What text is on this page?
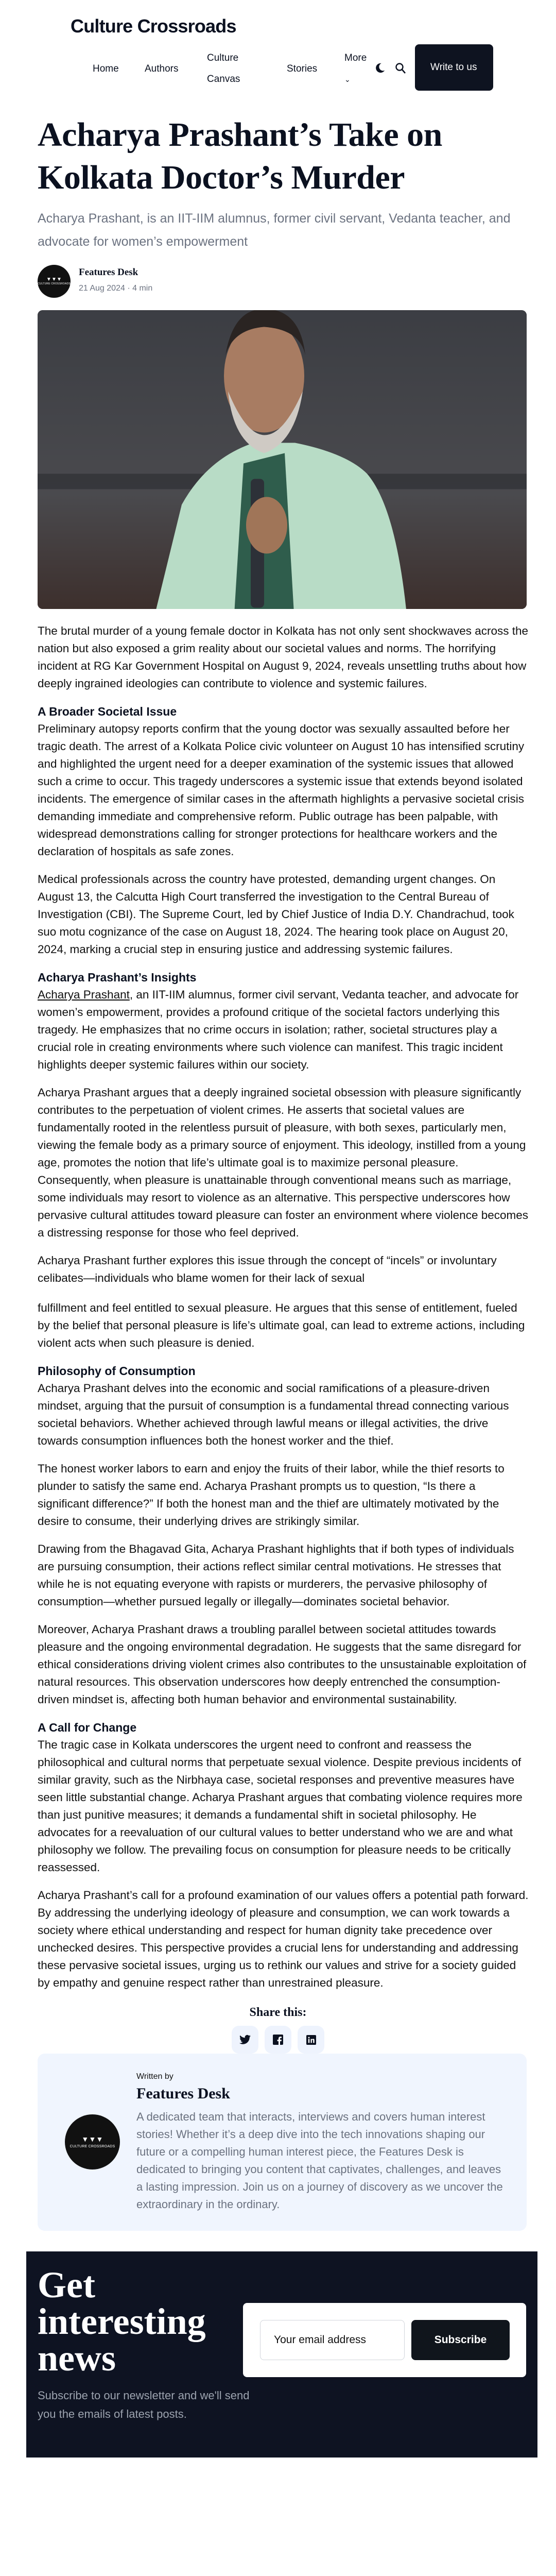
Culture Crossroads
Home	Authors
Culture
Canvas
Stories
More
⌄
Write to us
Acharya Prashant’s Take on Kolkata Doctor’s Murder

Acharya Prashant, is an IIT-IIM alumnus, former civil servant, Vedanta teacher, and advocate for women’s empowerment

▼▼▼
CULTURE CROSSROADS
Features Desk
21 Aug 2024 · 4 min

The brutal murder of a young female doctor in Kolkata has not only sent shockwaves across the nation but also exposed a grim reality about our societal values and norms. The horrifying incident at RG Kar Government Hospital on August 9, 2024, reveals unsettling truths about how deeply ingrained ideologies can contribute to violence and systemic failures.

A Broader Societal Issue

Preliminary autopsy reports confirm that the young doctor was sexually assaulted before her tragic death. The arrest of a Kolkata Police civic volunteer on August 10 has intensified scrutiny and highlighted the urgent need for a deeper examination of the systemic issues that allowed such a crime to occur. This tragedy underscores a systemic issue that extends beyond isolated incidents. The emergence of similar cases in the aftermath highlights a pervasive societal crisis demanding immediate and comprehensive reform. Public outrage has been palpable, with widespread demonstrations calling for stronger protections for healthcare workers and the declaration of hospitals as safe zones.

Medical professionals across the country have protested, demanding urgent changes. On August 13, the Calcutta High Court transferred the investigation to the Central Bureau of Investigation (CBI). The Supreme Court, led by Chief Justice of India D.Y. Chandrachud, took suo motu cognizance of the case on August 18, 2024. The hearing took place on August 20, 2024, marking a crucial step in ensuring justice and addressing systemic failures.

Acharya Prashant’s Insights

Acharya Prashant, an IIT-IIM alumnus, former civil servant, Vedanta teacher, and advocate for women’s empowerment, provides a profound critique of the societal factors underlying this tragedy. He emphasizes that no crime occurs in isolation; rather, societal structures play a crucial role in creating environments where such violence can manifest. This tragic incident highlights deeper systemic failures within our society.

Acharya Prashant argues that a deeply ingrained societal obsession with pleasure significantly contributes to the perpetuation of violent crimes. He asserts that societal values are fundamentally rooted in the relentless pursuit of pleasure, with both sexes, particularly men, viewing the female body as a primary source of enjoyment. This ideology, instilled from a young age, promotes the notion that life’s ultimate goal is to maximize personal pleasure. Consequently, when pleasure is unattainable through conventional means such as marriage, some individuals may resort to violence as an alternative. This perspective underscores how pervasive cultural attitudes toward pleasure can foster an environment where violence becomes a distressing response for those who feel deprived.

Acharya Prashant further explores this issue through the concept of “incels” or involuntary celibates—individuals who blame women for their lack of sexual

fulfillment and feel entitled to sexual pleasure. He argues that this sense of entitlement, fueled by the belief that personal pleasure is life’s ultimate goal, can lead to extreme actions, including violent acts when such pleasure is denied.

Philosophy of Consumption

Acharya Prashant delves into the economic and social ramifications of a pleasure-driven mindset, arguing that the pursuit of consumption is a fundamental thread connecting various societal behaviors. Whether achieved through lawful means or illegal activities, the drive towards consumption influences both the honest worker and the thief.

The honest worker labors to earn and enjoy the fruits of their labor, while the thief resorts to plunder to satisfy the same end. Acharya Prashant prompts us to question, “Is there a significant difference?” If both the honest man and the thief are ultimately motivated by the desire to consume, their underlying drives are strikingly similar.

Drawing from the Bhagavad Gita, Acharya Prashant highlights that if both types of individuals are pursuing consumption, their actions reflect similar central motivations. He stresses that while he is not equating everyone with rapists or murderers, the pervasive philosophy of consumption—whether pursued legally or illegally—dominates societal behavior.

Moreover, Acharya Prashant draws a troubling parallel between societal attitudes towards pleasure and the ongoing environmental degradation. He suggests that the same disregard for ethical considerations driving violent crimes also contributes to the unsustainable exploitation of natural resources. This observation underscores how deeply entrenched the consumption-driven mindset is, affecting both human behavior and environmental sustainability.

A Call for Change

The tragic case in Kolkata underscores the urgent need to confront and reassess the philosophical and cultural norms that perpetuate sexual violence. Despite previous incidents of similar gravity, such as the Nirbhaya case, societal responses and preventive measures have seen little substantial change. Acharya Prashant argues that combating violence requires more than just punitive measures; it demands a fundamental shift in societal philosophy. He advocates for a reevaluation of our cultural values to better understand who we are and what philosophy we follow. The prevailing focus on consumption for pleasure needs to be critically reassessed.

Acharya Prashant’s call for a profound examination of our values offers a potential path forward. By addressing the underlying ideology of pleasure and consumption, we can work towards a society where ethical understanding and respect for human dignity take precedence over unchecked desires. This perspective provides a crucial lens for understanding and addressing these pervasive societal issues, urging us to rethink our values and strive for a society guided by empathy and genuine respect rather than unrestrained pleasure.

Share this:
▼▼▼
CULTURE CROSSROADS
Written by
Features Desk

A dedicated team that interacts, interviews and covers human interest stories! Whether it’s a deep dive into the tech innovations shaping our future or a compelling human interest piece, the Features Desk is dedicated to bringing you content that captivates, challenges, and leaves a lasting impression. Join us on a journey of discovery as we uncover the extraordinary in the ordinary.

Get
interesting
news

Subscribe to our newsletter and we'll send you the emails of latest posts.

Your email address	Subscribe
